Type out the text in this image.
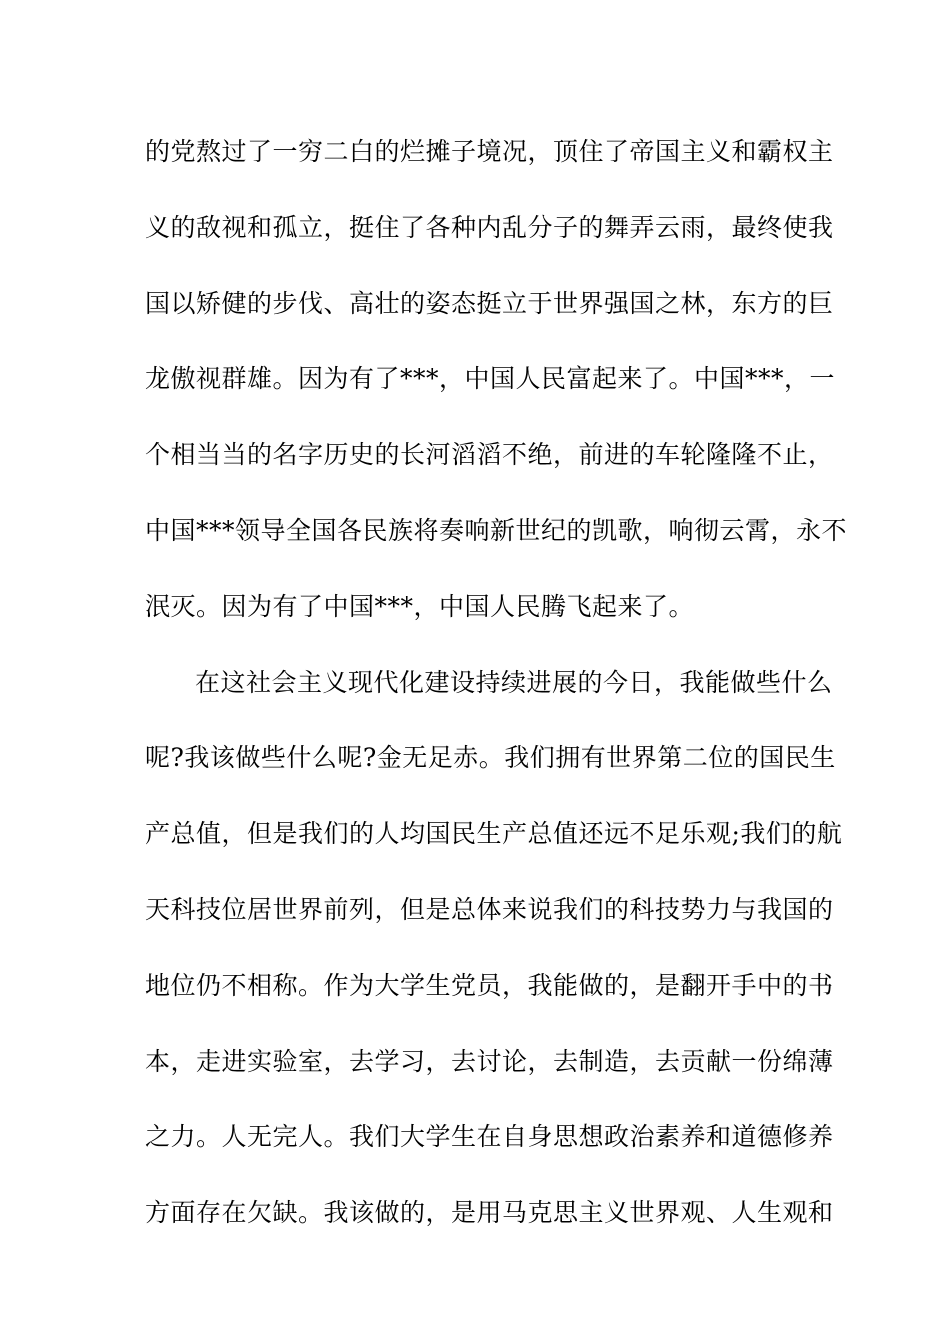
的党熬过了一穷二白的烂摊子境况，顶住了帝国主义和霸权主
义的敌视和孤立，挺住了各种内乱分子的舞弄云雨，最终使我
国以矫健的步伐、高壮的姿态挺立于世界强国之林，东方的巨
龙傲视群雄。因为有了***，中国人民富起来了。中国***，一
个相当当的名字历史的长河滔滔不绝，前进的车轮隆隆不止，
中国***领导全国各民族将奏响新世纪的凯歌，响彻云霄，永不
泯灭。因为有了中国***，中国人民腾飞起来了。
在这社会主义现代化建设持续进展的今日，我能做些什么
呢?我该做些什么呢?金无足赤。我们拥有世界第二位的国民生
产总值，但是我们的人均国民生产总值还远不足乐观;我们的航
天科技位居世界前列，但是总体来说我们的科技势力与我国的
地位仍不相称。作为大学生党员，我能做的，是翻开手中的书
本，走进实验室，去学习，去讨论，去制造，去贡献一份绵薄
之力。人无完人。我们大学生在自身思想政治素养和道德修养
方面存在欠缺。我该做的，是用马克思主义世界观、人生观和
